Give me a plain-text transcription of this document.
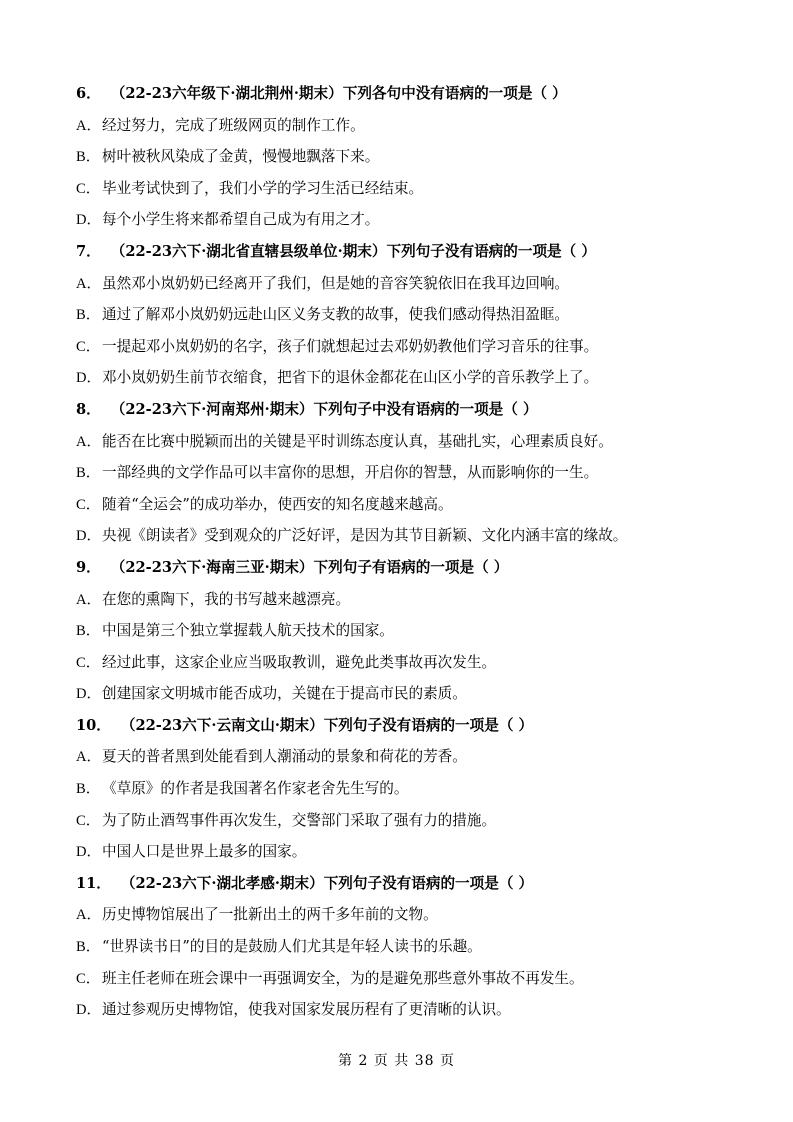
6． （22-23六年级下·湖北荆州·期末）下列各句中没有语病的一项是（ ）
A．经过努力，完成了班级网页的制作工作。
B． 树叶被秋风染成了金黄，慢慢地飘落下来。
C． 毕业考试快到了，我们小学的学习生活已经结束。
D．每个小学生将来都希望自己成为有用之才。
7． （22-23六下·湖北省直辖县级单位·期末）下列句子没有语病的一项是（ ）
A．虽然邓小岚奶奶已经离开了我们，但是她的音容笑貌依旧在我耳边回响。
B． 通过了解邓小岚奶奶远赴山区义务支教的故事，使我们感动得热泪盈眶。
C． 一提起邓小岚奶奶的名字，孩子们就想起过去邓奶奶教他们学习音乐的往事。
D．邓小岚奶奶生前节衣缩食，把省下的退休金都花在山区小学的音乐教学上了。
8． （22-23六下·河南郑州·期末）下列句子中没有语病的一项是（ ）
A．能否在比赛中脱颖而出的关键是平时训练态度认真，基础扎实，心理素质良好。
B． 一部经典的文学作品可以丰富你的思想，开启你的智慧，从而影响你的一生。
C． 随着“全运会”的成功举办，使西安的知名度越来越高。
D．央视《朗读者》受到观众的广泛好评，是因为其节目新颖、文化内涵丰富的缘故。
9． （22-23六下·海南三亚·期末）下列句子有语病的一项是（ ）
A．在您的熏陶下，我的书写越来越漂亮。
B． 中国是第三个独立掌握载人航天技术的国家。
C． 经过此事，这家企业应当吸取教训，避免此类事故再次发生。
D．创建国家文明城市能否成功，关键在于提高市民的素质。
10． （22-23六下·云南文山·期末）下列句子没有语病的一项是（ ）
A．夏天的普者黑到处能看到人潮涌动的景象和荷花的芳香。
B． 《草原》的作者是我国著名作家老舍先生写的。
C． 为了防止酒驾事件再次发生，交警部门采取了强有力的措施。
D．中国人口是世界上最多的国家。
11． （22-23六下·湖北孝感·期末）下列句子没有语病的一项是（ ）
A．历史博物馆展出了一批新出土的两千多年前的文物。
B． “世界读书日”的目的是鼓励人们尤其是年轻人读书的乐趣。
C． 班主任老师在班会课中一再强调安全，为的是避免那些意外事故不再发生。
D．通过参观历史博物馆，使我对国家发展历程有了更清晰的认识。
第 2 页 共 38 页
